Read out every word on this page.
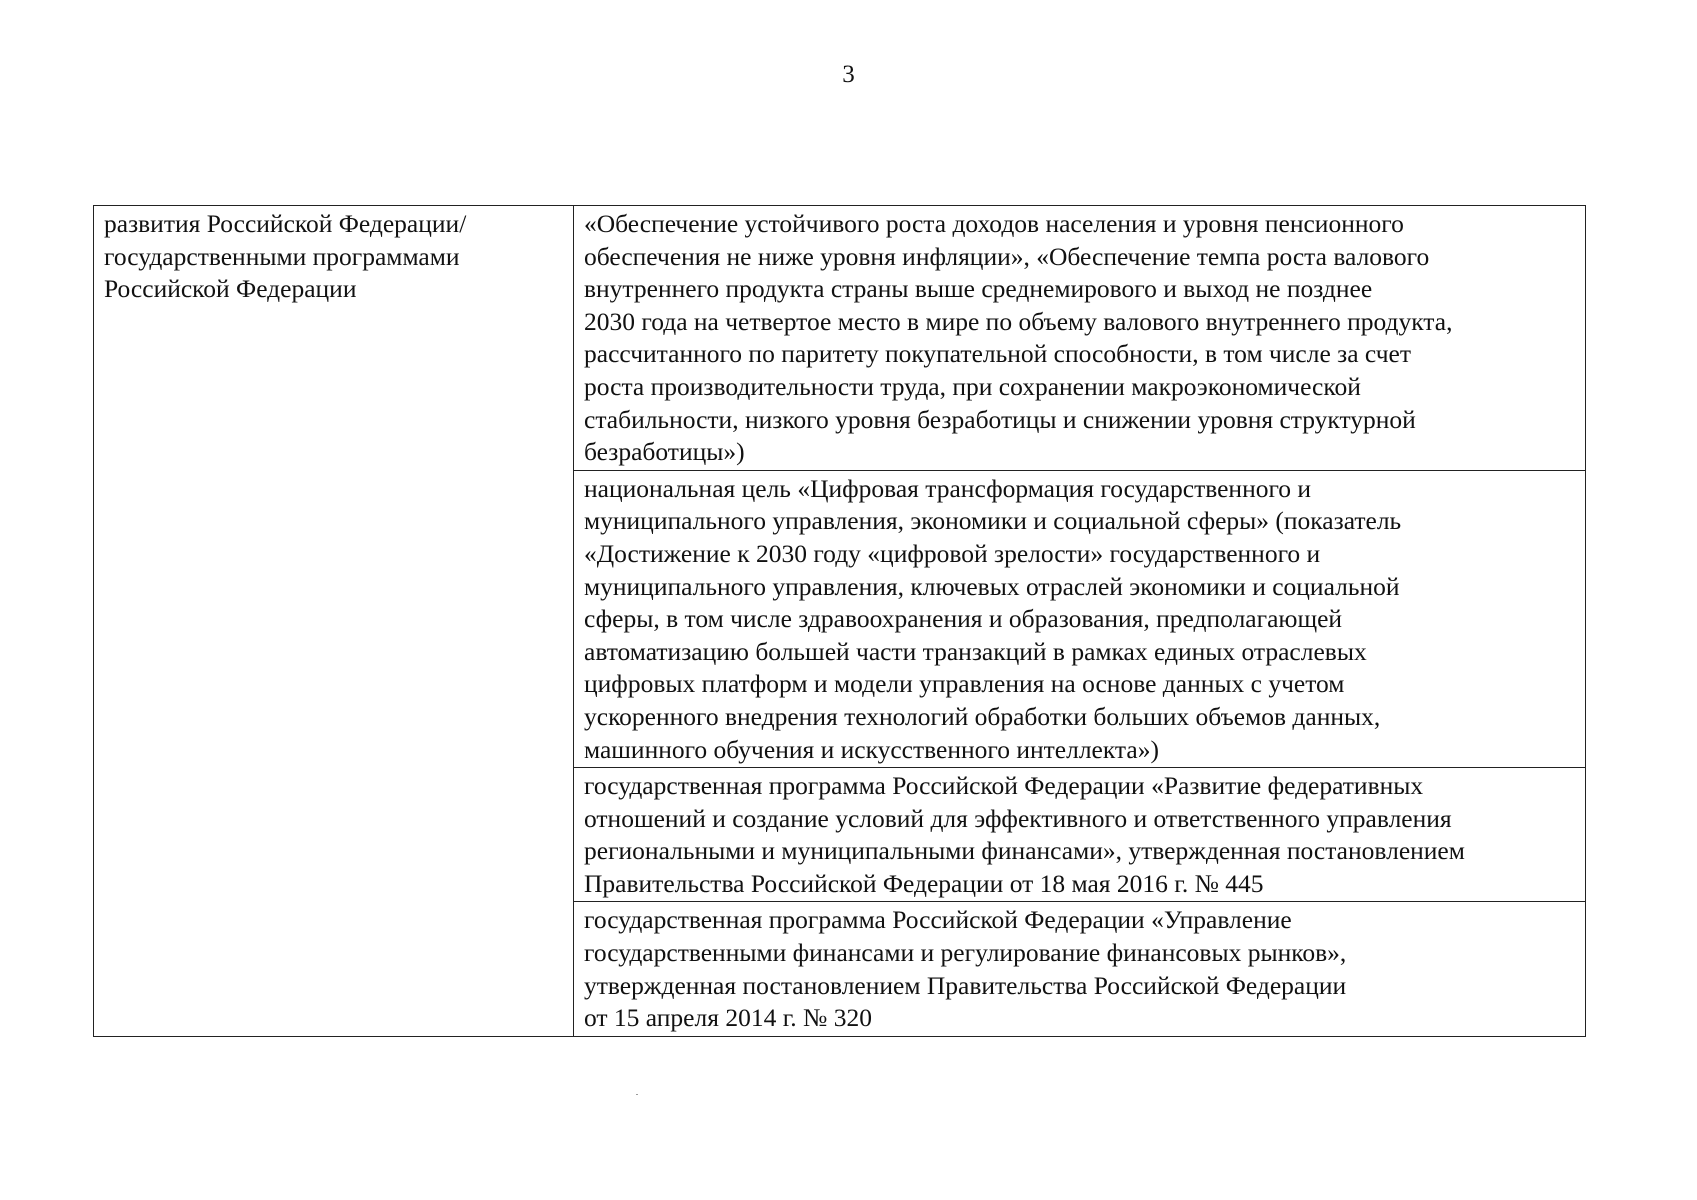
3
развития Российской Федерации/
государственными программами
Российской Федерации

«Обеспечение устойчивого роста доходов населения и уровня пенсионного
обеспечения не ниже уровня инфляции», «Обеспечение темпа роста валового
внутреннего продукта страны выше среднемирового и выход не позднее
2030 года на четвертое место в мире по объему валового внутреннего продукта,
рассчитанного по паритету покупательной способности, в том числе за счет
роста производительности труда, при сохранении макроэкономической
стабильности, низкого уровня безработицы и снижении уровня структурной
безработицы»)

национальная цель «Цифровая трансформация государственного и
муниципального управления, экономики и социальной сферы» (показатель
«Достижение к 2030 году «цифровой зрелости» государственного и
муниципального управления, ключевых отраслей экономики и социальной
сферы, в том числе здравоохранения и образования, предполагающей
автоматизацию большей части транзакций в рамках единых отраслевых
цифровых платформ и модели управления на основе данных с учетом
ускоренного внедрения технологий обработки больших объемов данных,
машинного обучения и искусственного интеллекта»)

государственная программа Российской Федерации «Развитие федеративных
отношений и создание условий для эффективного и ответственного управления
региональными и муниципальными финансами», утвержденная постановлением
Правительства Российской Федерации от 18 мая 2016 г. № 445

государственная программа Российской Федерации «Управление
государственными финансами и регулирование финансовых рынков»,
утвержденная постановлением Правительства Российской Федерации
от 15 апреля 2014 г. № 320
